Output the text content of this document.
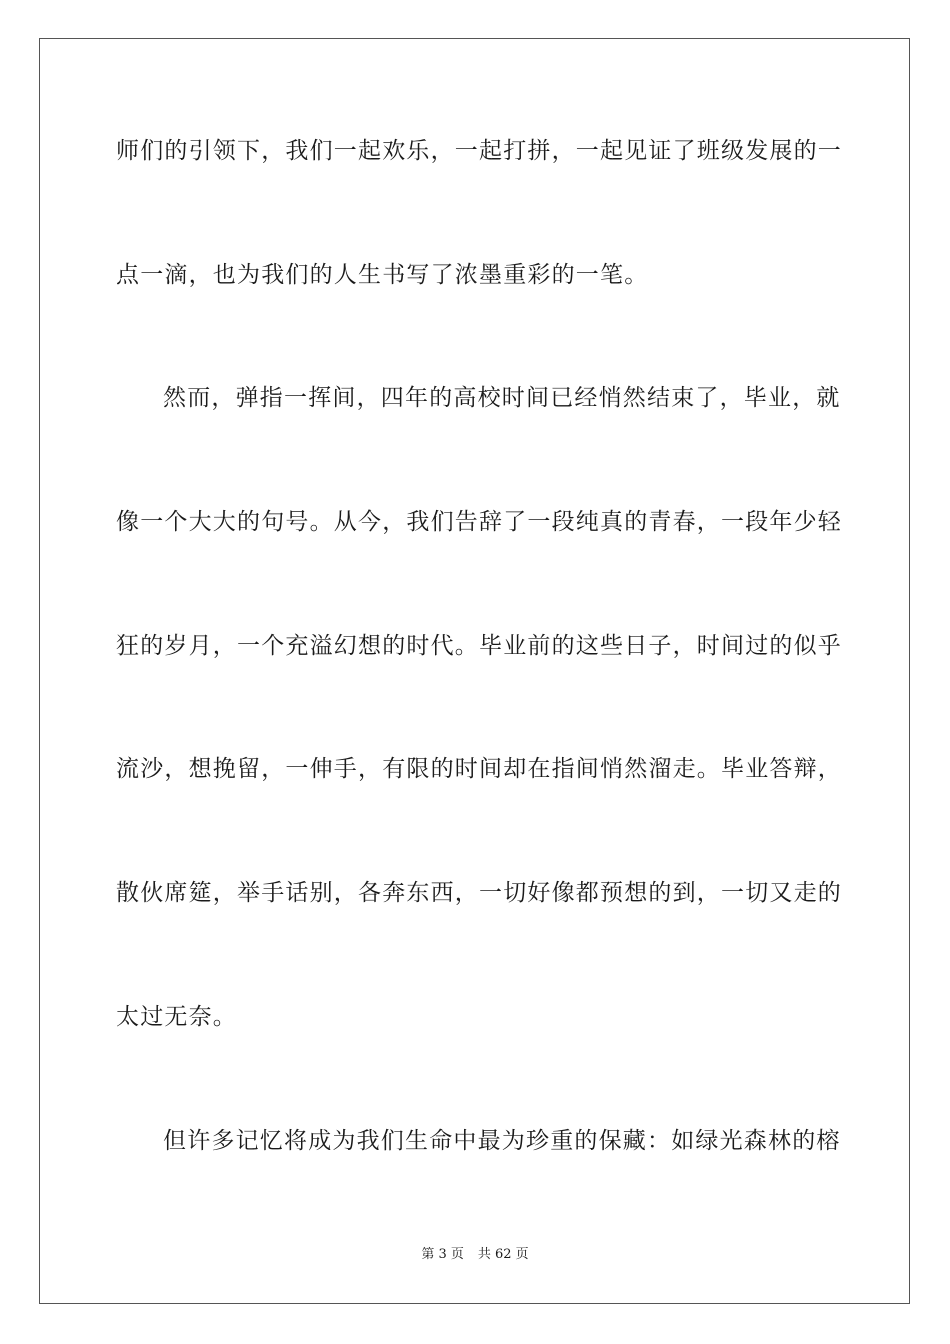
师们的引领下，我们一起欢乐，一起打拼，一起见证了班级发展的一
点一滴，也为我们的人生书写了浓墨重彩的一笔。
然而，弹指一挥间，四年的高校时间已经悄然结束了，毕业，就
像一个大大的句号。从今，我们告辞了一段纯真的青春，一段年少轻
狂的岁月，一个充溢幻想的时代。毕业前的这些日子，时间过的似乎
流沙，想挽留，一伸手，有限的时间却在指间悄然溜走。毕业答辩，
散伙席筵，举手话别，各奔东西，一切好像都预想的到，一切又走的
太过无奈。
但许多记忆将成为我们生命中最为珍重的保藏：如绿光森林的榕
第 3 页 共 62 页
